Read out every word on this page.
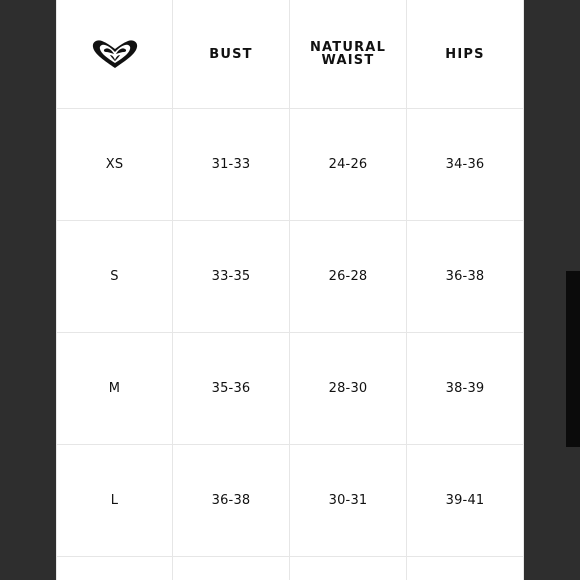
BUST	NATURAL WAIST	HIPS
XS	31-33	24-26	34-36
S	33-35	26-28	36-38
M	35-36	28-30	38-39
L	36-38	30-31	39-41
